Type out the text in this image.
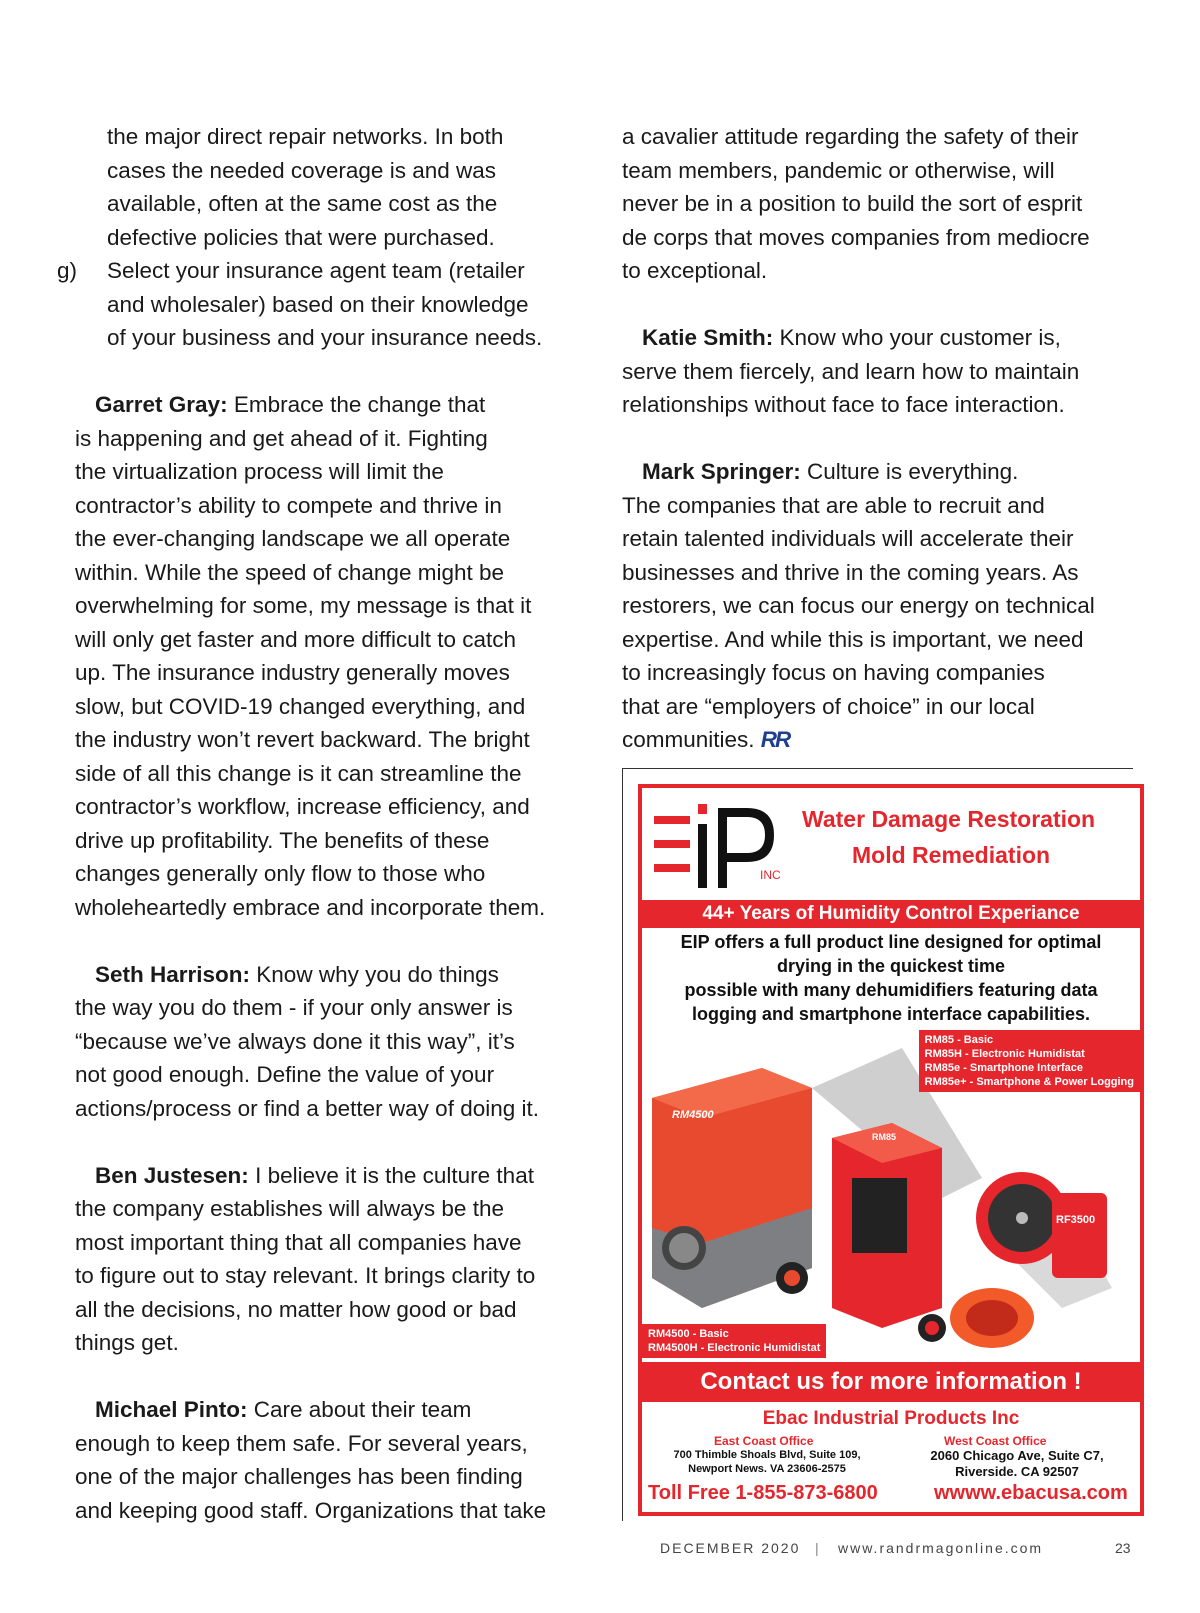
the major direct repair networks. In both

cases the needed coverage is and was

available, often at the same cost as the

defective policies that were purchased.

g)	Select your insurance agent team (retailer

and wholesaler) based on their knowledge

of your business and your insurance needs.

Garret Gray: Embrace the change that

is happening and get ahead of it. Fighting

the virtualization process will limit the

contractor’s ability to compete and thrive in

the ever-changing landscape we all operate

within. While the speed of change might be

overwhelming for some, my message is that it

will only get faster and more difficult to catch

up. The insurance industry generally moves

slow, but COVID-19 changed everything, and

the industry won’t revert backward. The bright

side of all this change is it can streamline the

contractor’s workflow, increase efficiency, and

drive up profitability. The benefits of these

changes generally only flow to those who

wholeheartedly embrace and incorporate them.

Seth Harrison: Know why you do things

the way you do them - if your only answer is

“because we’ve always done it this way”, it’s

not good enough. Define the value of your

actions/process or find a better way of doing it.

Ben Justesen: I believe it is the culture that

the company establishes will always be the

most important thing that all companies have

to figure out to stay relevant. It brings clarity to

all the decisions, no matter how good or bad

things get.

Michael Pinto: Care about their team

enough to keep them safe. For several years,

one of the major challenges has been finding

and keeping good staff. Organizations that take

a cavalier attitude regarding the safety of their

team members, pandemic or otherwise, will

never be in a position to build the sort of esprit

de corps that moves companies from mediocre

to exceptional.

Katie Smith: Know who your customer is,

serve them fiercely, and learn how to maintain

relationships without face to face interaction.

Mark Springer: Culture is everything.

The companies that are able to recruit and

retain talented individuals will accelerate their

businesses and thrive in the coming years. As

restorers, we can focus our energy on technical

expertise. And while this is important, we need

to increasingly focus on having companies

that are “employers of choice” in our local

communities. RR

INC
Water Damage Restoration
Mold Remediation
44+ Years of Humidity Control Experiance
EIP offers a full product line designed for optimal
drying in the quickest time
possible with many dehumidifiers featuring data
logging and smartphone interface capabilities.
RM4500
RM85
RF3500
RM85 - Basic
RM85H - Electronic Humidistat
RM85e - Smartphone Interface
RM85e+ - Smartphone & Power Logging
RM4500 - Basic
RM4500H - Electronic Humidistat
Contact us for more information !
Ebac Industrial Products Inc
East Coast Office	West Coast Office
700 Thimble Shoals Blvd, Suite 109,
Newport News. VA 23606-2575
2060 Chicago Ave, Suite C7,
Riverside. CA 92507
Toll Free 1-855-873-6800	wwww.ebacusa.com
DECEMBER 2020 | www.randrmagonline.com	23
